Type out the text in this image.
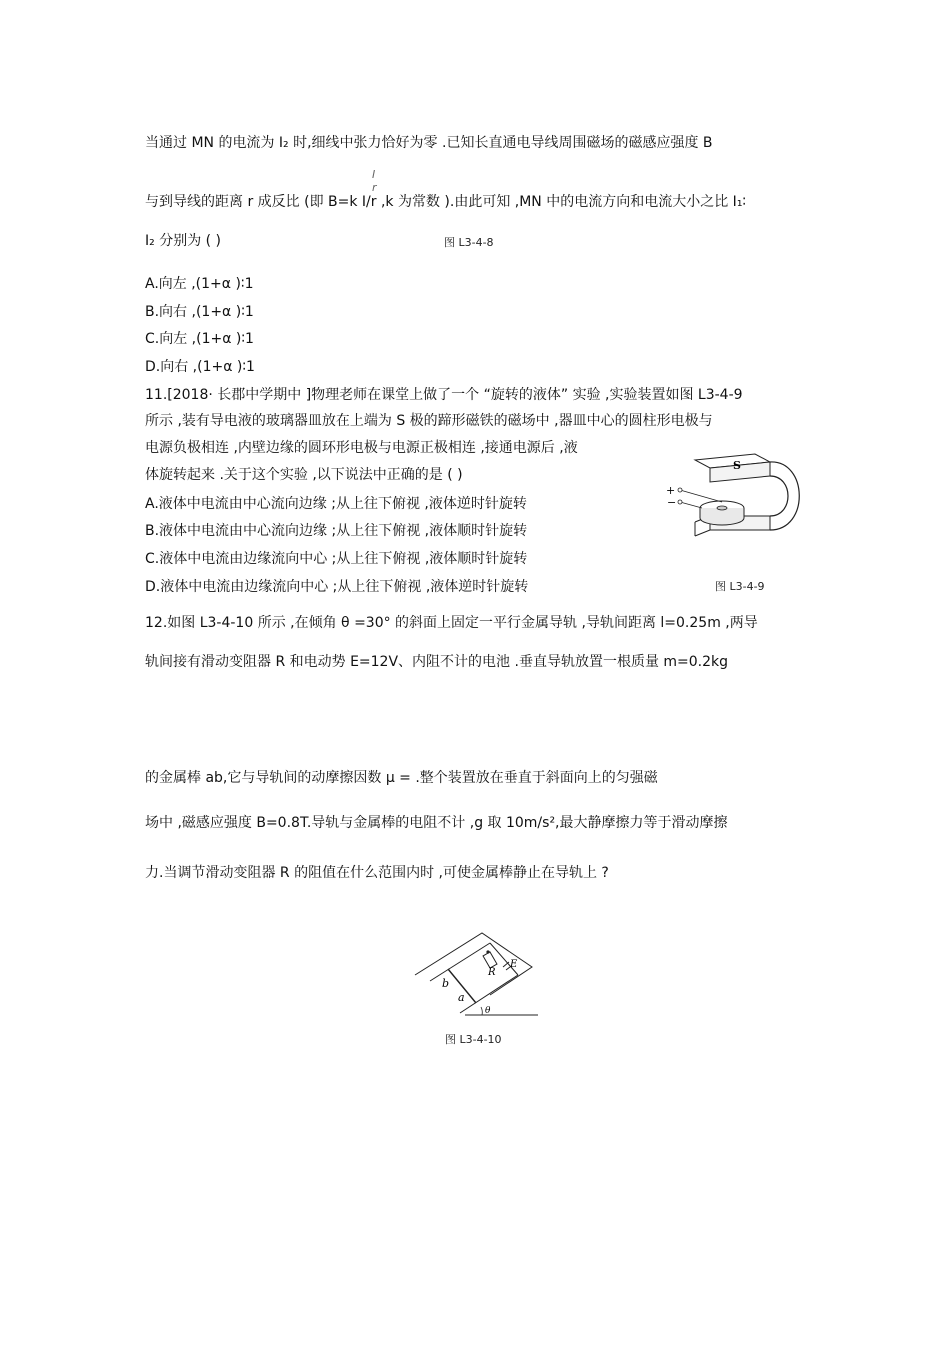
当通过 MN 的电流为 I₂ 时,细线中张力恰好为零 .已知长直通电导线周围磁场的磁感应强度 B
I
r
与到导线的距离 r 成反比 (即 B=k I/r ,k 为常数 ).由此可知 ,MN 中的电流方向和电流大小之比 I₁∶
I₂ 分别为 ( )	图 L3-4-8
A.向左 ,(1+α )∶1
B.向右 ,(1+α )∶1
C.向左 ,(1+α )∶1
D.向右 ,(1+α )∶1
11.[2018· 长郡中学期中 ]物理老师在课堂上做了一个 “旋转的液体” 实验 ,实验装置如图 L3-4-9
所示 ,装有导电液的玻璃器皿放在上端为 S 极的蹄形磁铁的磁场中 ,器皿中心的圆柱形电极与
电源负极相连 ,内壁边缘的圆环形电极与电源正极相连 ,接通电源后 ,液
体旋转起来 .关于这个实验 ,以下说法中正确的是 ( )
A.液体中电流由中心流向边缘 ;从上往下俯视 ,液体逆时针旋转
B.液体中电流由中心流向边缘 ;从上往下俯视 ,液体顺时针旋转
C.液体中电流由边缘流向中心 ;从上往下俯视 ,液体顺时针旋转
D.液体中电流由边缘流向中心 ;从上往下俯视 ,液体逆时针旋转
+
−
S
图 L3-4-9
12.如图 L3-4-10 所示 ,在倾角 θ =30° 的斜面上固定一平行金属导轨 ,导轨间距离 l=0.25m ,两导
轨间接有滑动变阻器 R 和电动势 E=12V、内阻不计的电池 .垂直导轨放置一根质量 m=0.2kg
的金属棒 ab,它与导轨间的动摩擦因数 μ = .整个装置放在垂直于斜面向上的匀强磁
场中 ,磁感应强度 B=0.8T.导轨与金属棒的电阻不计 ,g 取 10m/s²,最大静摩擦力等于滑动摩擦
力.当调节滑动变阻器 R 的阻值在什么范围内时 ,可使金属棒静止在导轨上 ?
b
a
R
E
θ
图 L3-4-10
